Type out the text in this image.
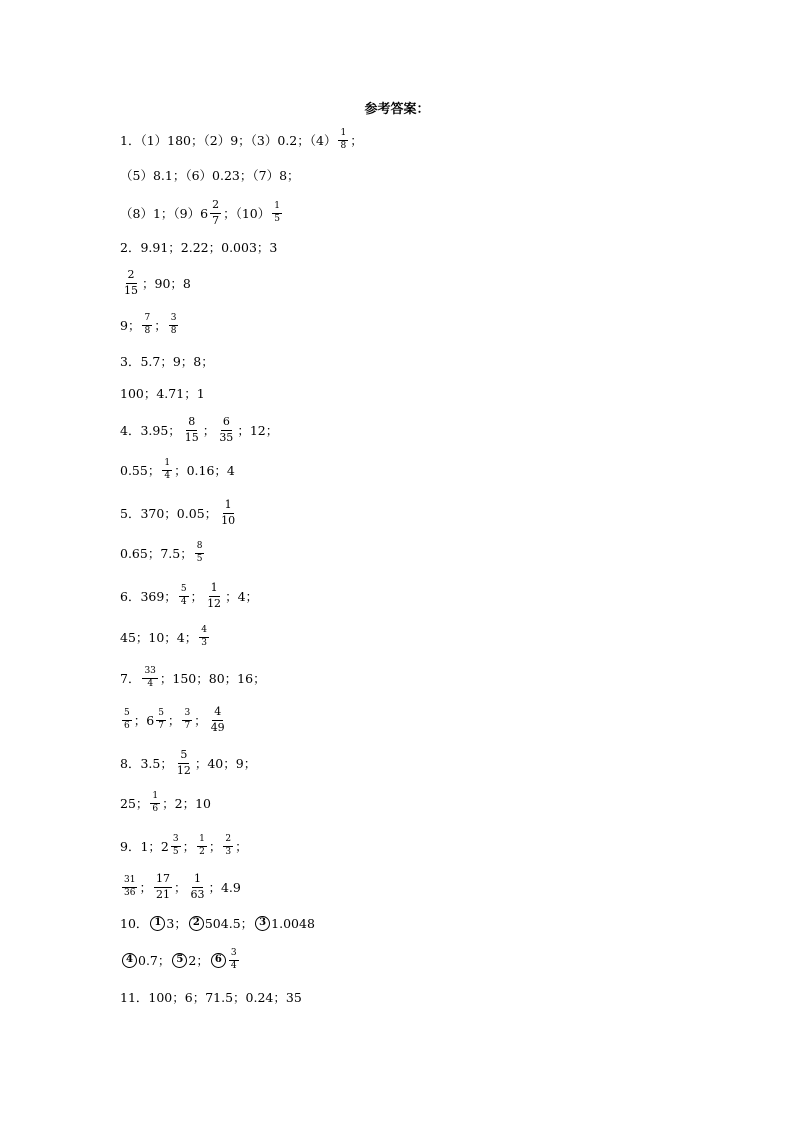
参考答案：
1．（1）180；（2）9；（3）0.2；$(4) \frac{1}{8}$ ；
（5）8.1；（6）0.23；（7）8；
（8）1；$(9)6 \frac{2}{7}$ ；$(10) \frac{1}{5}$
2．9.91；2.22；0.003；3
$\frac{2}{15}$ ；90；8
9； $\frac{7}{8}$ ； $\frac{3}{8}$
3．5.7；9；8；
100；4.71；1
4．3.95； $\frac{8}{15}$ ； $\frac{6}{35}$ ；12；
0.55； $\frac{1}{4}$ ；0.16；4
5．370；0.05； $\frac{1}{10}$
0.65；7.5； $\frac{8}{5}$
6．369； $\frac{5}{4}$ ； $\frac{1}{12}$ ；4；
45；10；4； $\frac{4}{3}$
7． $\frac{33}{4}$ ；150；80；16；
$\frac{5}{6}$ ；$6 \frac{5}{7}$ ； $\frac{3}{7}$ ； $\frac{4}{49}$
8．3.5； $\frac{5}{12}$ ；40；9；
25； $\frac{1}{6}$ ；2；10
9．1；$2 \frac{3}{5}$ ； $\frac{1}{2}$ ； $\frac{2}{3}$ ；
$\frac{31}{36}$ ； $\frac{17}{21}$ ； $\frac{1}{63}$ ；4.9
10． 1 3； 2 504.5； 3 1.0048
4 0.7； 5 2； $6 \frac{3}{4}$
11．100；6；71.5；0.24；35
